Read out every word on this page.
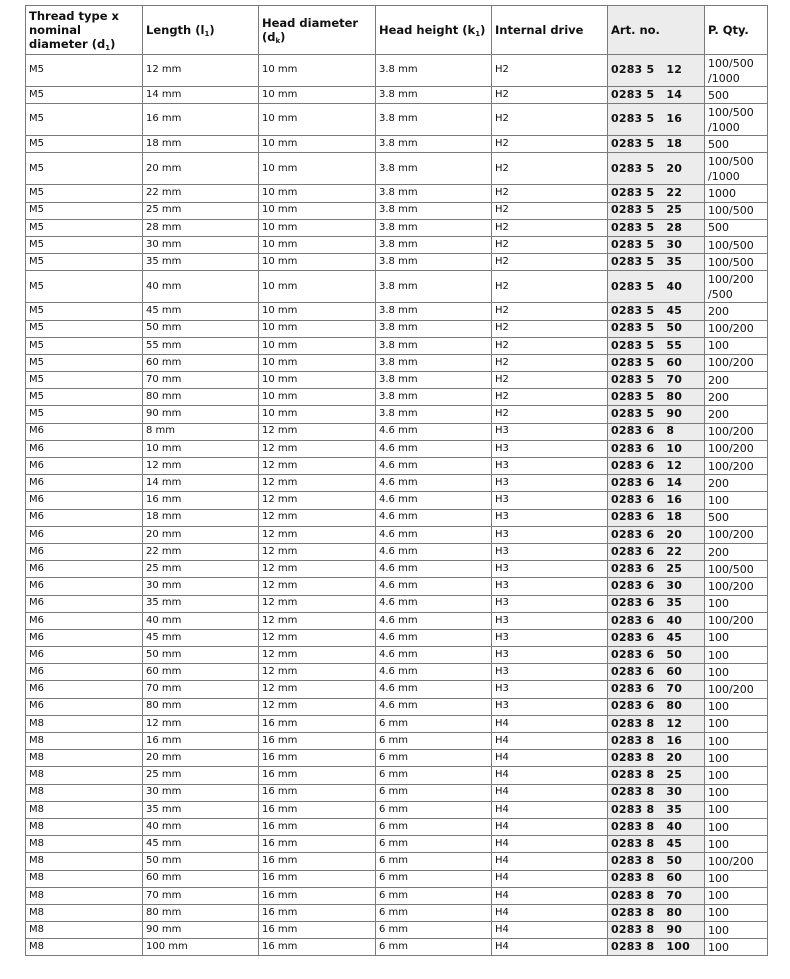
Thread type x nominal diameter $(d_1)$	Length $(l_1)$	Head diameter $(d_k)$	Head height $(k_1)$	Internal drive	Art. no.	P. Qty.
M5	12 mm	10 mm	3.8 mm	H2	0283 5   12	100/500 /1000
M5	14 mm	10 mm	3.8 mm	H2	0283 5   14	500
M5	16 mm	10 mm	3.8 mm	H2	0283 5   16	100/500 /1000
M5	18 mm	10 mm	3.8 mm	H2	0283 5   18	500
M5	20 mm	10 mm	3.8 mm	H2	0283 5   20	100/500 /1000
M5	22 mm	10 mm	3.8 mm	H2	0283 5   22	1000
M5	25 mm	10 mm	3.8 mm	H2	0283 5   25	100/500
M5	28 mm	10 mm	3.8 mm	H2	0283 5   28	500
M5	30 mm	10 mm	3.8 mm	H2	0283 5   30	100/500
M5	35 mm	10 mm	3.8 mm	H2	0283 5   35	100/500
M5	40 mm	10 mm	3.8 mm	H2	0283 5   40	100/200 /500
M5	45 mm	10 mm	3.8 mm	H2	0283 5   45	200
M5	50 mm	10 mm	3.8 mm	H2	0283 5   50	100/200
M5	55 mm	10 mm	3.8 mm	H2	0283 5   55	100
M5	60 mm	10 mm	3.8 mm	H2	0283 5   60	100/200
M5	70 mm	10 mm	3.8 mm	H2	0283 5   70	200
M5	80 mm	10 mm	3.8 mm	H2	0283 5   80	200
M5	90 mm	10 mm	3.8 mm	H2	0283 5   90	200
M6	8 mm	12 mm	4.6 mm	H3	0283 6   8	100/200
M6	10 mm	12 mm	4.6 mm	H3	0283 6   10	100/200
M6	12 mm	12 mm	4.6 mm	H3	0283 6   12	100/200
M6	14 mm	12 mm	4.6 mm	H3	0283 6   14	200
M6	16 mm	12 mm	4.6 mm	H3	0283 6   16	100
M6	18 mm	12 mm	4.6 mm	H3	0283 6   18	500
M6	20 mm	12 mm	4.6 mm	H3	0283 6   20	100/200
M6	22 mm	12 mm	4.6 mm	H3	0283 6   22	200
M6	25 mm	12 mm	4.6 mm	H3	0283 6   25	100/500
M6	30 mm	12 mm	4.6 mm	H3	0283 6   30	100/200
M6	35 mm	12 mm	4.6 mm	H3	0283 6   35	100
M6	40 mm	12 mm	4.6 mm	H3	0283 6   40	100/200
M6	45 mm	12 mm	4.6 mm	H3	0283 6   45	100
M6	50 mm	12 mm	4.6 mm	H3	0283 6   50	100
M6	60 mm	12 mm	4.6 mm	H3	0283 6   60	100
M6	70 mm	12 mm	4.6 mm	H3	0283 6   70	100/200
M6	80 mm	12 mm	4.6 mm	H3	0283 6   80	100
M8	12 mm	16 mm	6 mm	H4	0283 8   12	100
M8	16 mm	16 mm	6 mm	H4	0283 8   16	100
M8	20 mm	16 mm	6 mm	H4	0283 8   20	100
M8	25 mm	16 mm	6 mm	H4	0283 8   25	100
M8	30 mm	16 mm	6 mm	H4	0283 8   30	100
M8	35 mm	16 mm	6 mm	H4	0283 8   35	100
M8	40 mm	16 mm	6 mm	H4	0283 8   40	100
M8	45 mm	16 mm	6 mm	H4	0283 8   45	100
M8	50 mm	16 mm	6 mm	H4	0283 8   50	100/200
M8	60 mm	16 mm	6 mm	H4	0283 8   60	100
M8	70 mm	16 mm	6 mm	H4	0283 8   70	100
M8	80 mm	16 mm	6 mm	H4	0283 8   80	100
M8	90 mm	16 mm	6 mm	H4	0283 8   90	100
M8	100 mm	16 mm	6 mm	H4	0283 8   100	100
